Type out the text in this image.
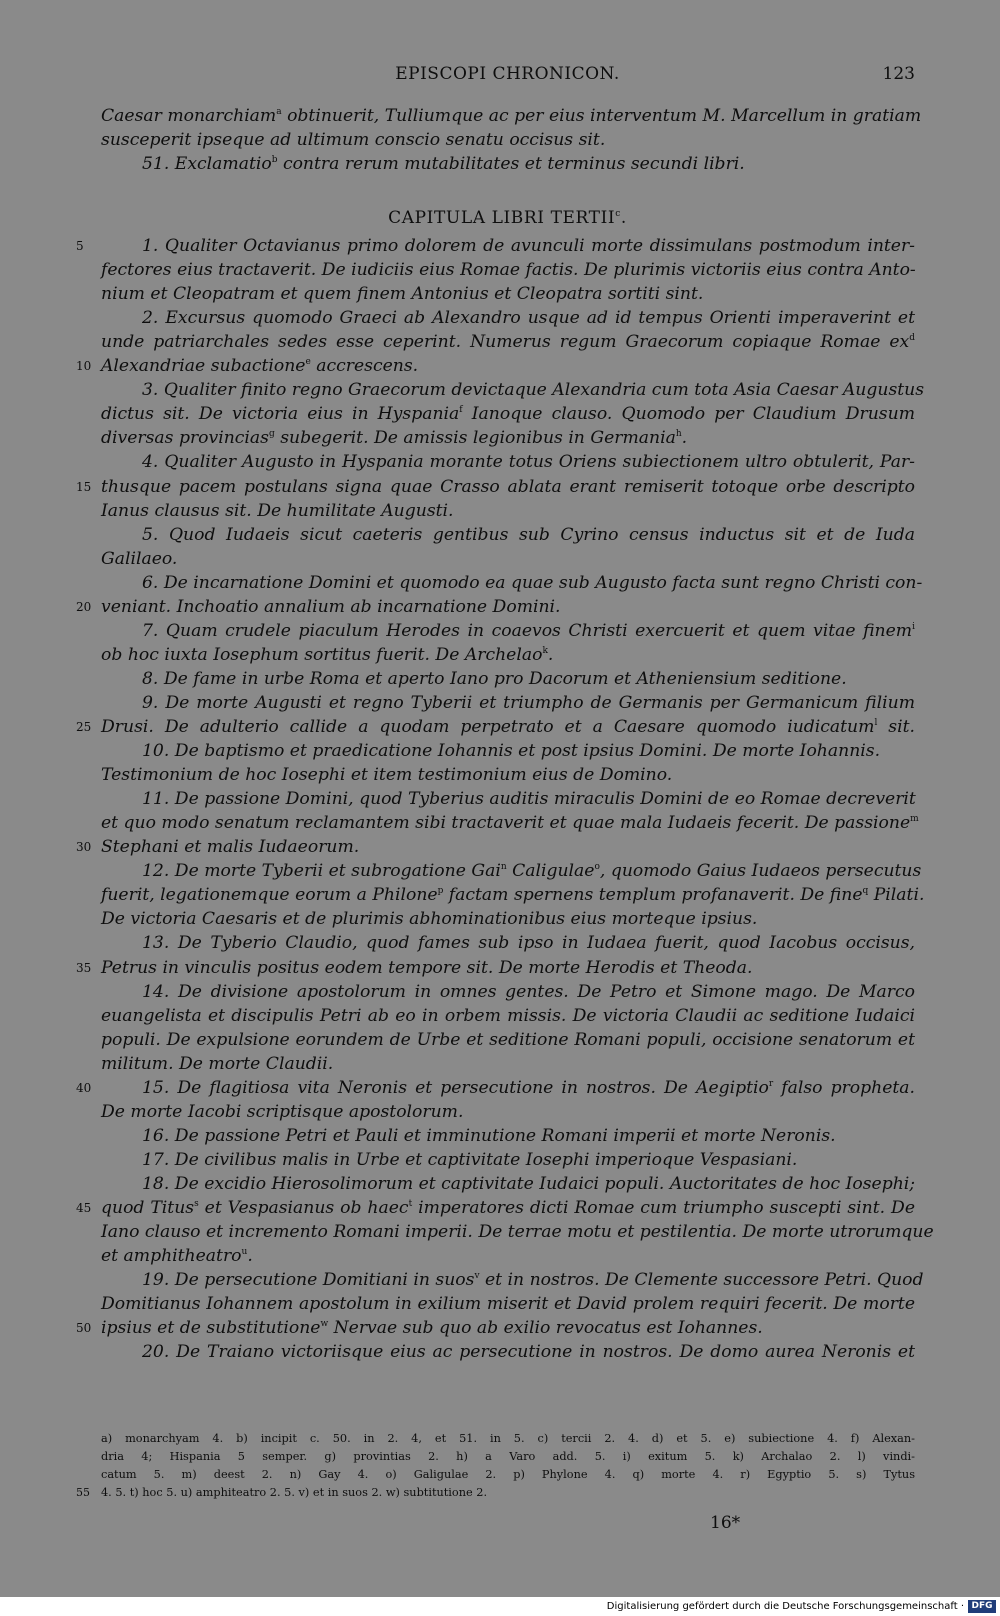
EPISCOPI CHRONICON.	123
Caesar monarchiam$^a$ obtinuerit, Tulliumque ac per eius interventum M. Marcellum in gratiam
susceperit ipseque ad ultimum conscio senatu occisus sit.
51. Exclamatio$^b$ contra rerum mutabilitates et terminus secundi libri.
CAPITULA LIBRI TERTII$^c$.
1. Qualiter Octavianus primo dolorem de avunculi morte dissimulans postmodum inter-
fectores eius tractaverit. De iudiciis eius Romae factis. De plurimis victoriis eius contra Anto-
nium et Cleopatram et quem finem Antonius et Cleopatra sortiti sint.
2. Excursus quomodo Graeci ab Alexandro usque ad id tempus Orienti imperaverint et
unde patriarchales sedes esse ceperint. Numerus regum Graecorum copiaque Romae $ex^d$
Alexandriae subactione$^e$ accrescens.
3. Qualiter finito regno Graecorum devictaque Alexandria cum tota Asia Caesar Augustus
dictus sit. De victoria eius in Hyspania$^f$ Ianoque clauso. Quomodo per Claudium Drusum
diversas provincias$^g$ subegerit. De amissis legionibus in Germania$^h$.
4. Qualiter Augusto in Hyspania morante totus Oriens subiectionem ultro obtulerit, Par-
thusque pacem postulans signa quae Crasso ablata erant remiserit totoque orbe descripto
Ianus clausus sit. De humilitate Augusti.
5. Quod Iudaeis sicut caeteris gentibus sub Cyrino census inductus sit et de Iuda
Galilaeo.
6. De incarnatione Domini et quomodo ea quae sub Augusto facta sunt regno Christi con-
veniant. Inchoatio annalium ab incarnatione Domini.
7. Quam crudele piaculum Herodes in coaevos Christi exercuerit et quem vitae finem$^i$
ob hoc iuxta Iosephum sortitus fuerit. De Archelao$^k$.
8. De fame in urbe Roma et aperto Iano pro Dacorum et Atheniensium seditione.
9. De morte Augusti et regno Tyberii et triumpho de Germanis per Germanicum filium
Drusi. De adulterio callide a quodam perpetrato et a Caesare quomodo iudicatum$^l$ sit.
10. De baptismo et praedicatione Iohannis et post ipsius Domini. De morte Iohannis.
Testimonium de hoc Iosephi et item testimonium eius de Domino.
11. De passione Domini, quod Tyberius auditis miraculis Domini de eo Romae decreverit
et quo modo senatum reclamantem sibi tractaverit et quae mala Iudaeis fecerit. De passione$^m$
Stephani et malis Iudaeorum.
12. De morte Tyberii et subrogatione Gai$^n$ Caligulae$^o$, quomodo Gaius Iudaeos persecutus
fuerit, legationemque eorum a Philone$^p$ factam spernens templum profanaverit. De fine$^q$ Pilati.
De victoria Caesaris et de plurimis abhominationibus eius morteque ipsius.
13. De Tyberio Claudio, quod fames sub ipso in Iudaea fuerit, quod Iacobus occisus,
Petrus in vinculis positus eodem tempore sit. De morte Herodis et Theoda.
14. De divisione apostolorum in omnes gentes. De Petro et Simone mago. De Marco
euangelista et discipulis Petri ab eo in orbem missis. De victoria Claudii ac seditione Iudaici
populi. De expulsione eorundem de Urbe et seditione Romani populi, occisione senatorum et
militum. De morte Claudii.
15. De flagitiosa vita Neronis et persecutione in nostros. De Aegiptio$^r$ falso propheta.
De morte Iacobi scriptisque apostolorum.
16. De passione Petri et Pauli et imminutione Romani imperii et morte Neronis.
17. De civilibus malis in Urbe et captivitate Iosephi imperioque Vespasiani.
18. De excidio Hierosolimorum et captivitate Iudaici populi. Auctoritates de hoc Iosephi;
quod Titus$^s$ et Vespasianus ob haec$^t$ imperatores dicti Romae cum triumpho suscepti sint. De
Iano clauso et incremento Romani imperii. De terrae motu et pestilentia. De morte utrorumque
et amphitheatro$^u$.
19. De persecutione Domitiani in suos$^v$ et in nostros. De Clemente successore Petri. Quod
Domitianus Iohannem apostolum in exilium miserit et David prolem requiri fecerit. De morte
ipsius et de substitutione$^w$ Nervae sub quo ab exilio revocatus est Iohannes.
20. De Traiano victoriisque eius ac persecutione in nostros. De domo aurea Neronis et
5
10
15
20
25
30
35
40
45
50
a) monarchyam 4. b) incipit c. 50. in 2. 4, et 51. in 5. c) tercii 2. 4. d) et 5. e) subiectione 4. f) Alexan-
dria 4; Hispania 5 semper. g) provintias 2. h) a Varo add. 5. i) exitum 5. k) Archalao 2. l) vindi-
catum 5. m) deest 2. n) Gay 4. o) Galigulae 2. p) Phylone 4. q) morte 4. r) Egyptio 5. s) Tytus
4. 5. t) hoc 5. u) amphiteatro 2. 5. v) et in suos 2. w) subtitutione 2.
55
16*
Digitalisierung gefördert durch die Deutsche Forschungsgemeinschaft · DFG
